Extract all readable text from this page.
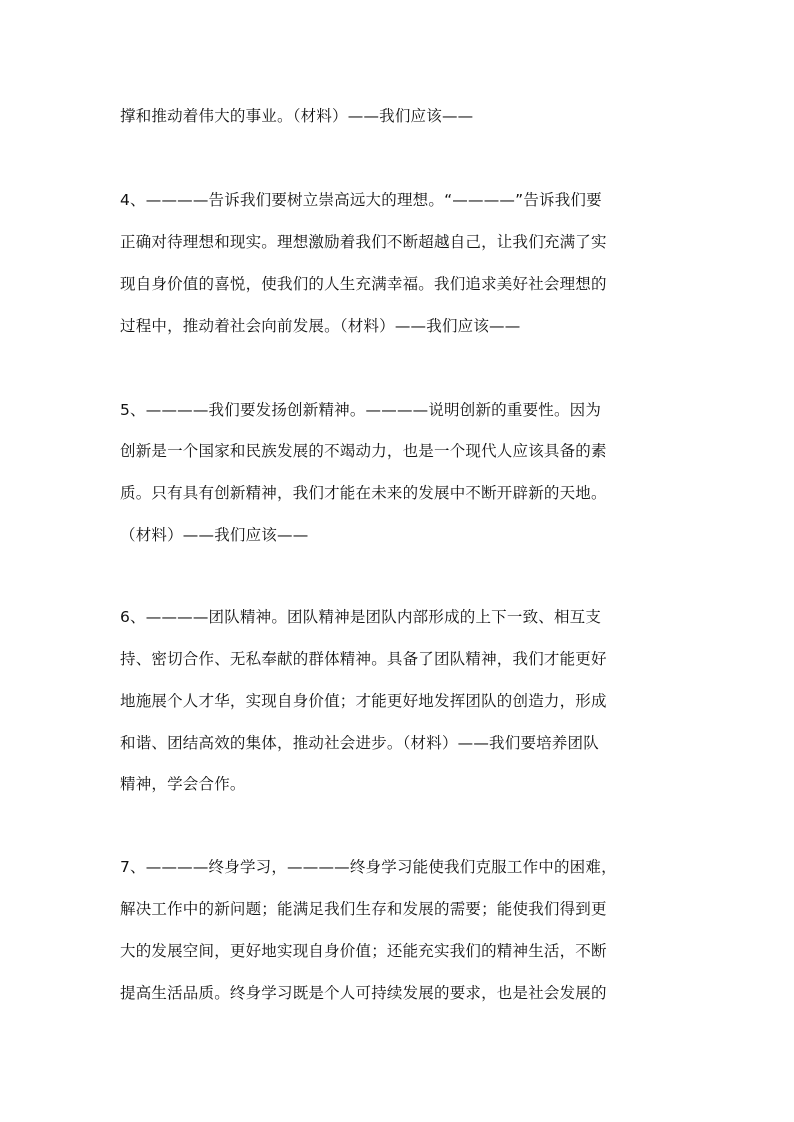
撑和推动着伟大的事业。（材料）——我们应该——
4、————告诉我们要树立崇高远大的理想。“————”告诉我们要
正确对待理想和现实。理想激励着我们不断超越自己，让我们充满了实
现自身价值的喜悦，使我们的人生充满幸福。我们追求美好社会理想的
过程中，推动着社会向前发展。（材料）——我们应该——
5、————我们要发扬创新精神。————说明创新的重要性。因为
创新是一个国家和民族发展的不竭动力，也是一个现代人应该具备的素
质。只有具有创新精神，我们才能在未来的发展中不断开辟新的天地。
（材料）——我们应该——
6、————团队精神。团队精神是团队内部形成的上下一致、相互支
持、密切合作、无私奉献的群体精神。具备了团队精神，我们才能更好
地施展个人才华，实现自身价值；才能更好地发挥团队的创造力，形成
和谐、团结高效的集体，推动社会进步。（材料）——我们要培养团队
精神，学会合作。
7、————终身学习，————终身学习能使我们克服工作中的困难，
解决工作中的新问题；能满足我们生存和发展的需要；能使我们得到更
大的发展空间，更好地实现自身价值；还能充实我们的精神生活，不断
提高生活品质。终身学习既是个人可持续发展的要求，也是社会发展的
